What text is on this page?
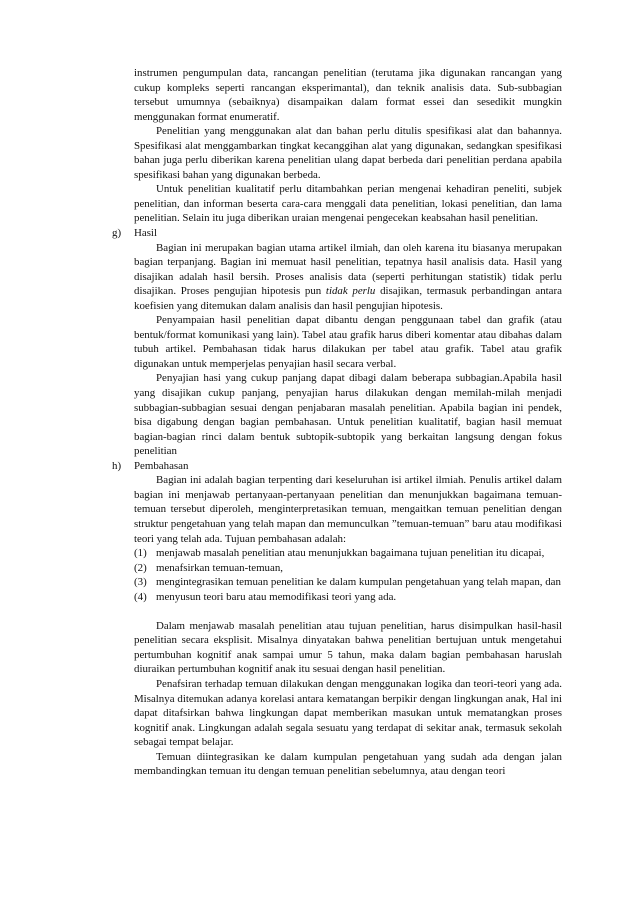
instrumen pengumpulan data, rancangan penelitian (terutama jika digunakan rancangan yang cukup kompleks seperti rancangan eksperimantal), dan teknik analisis data. Sub-subbagian tersebut umumnya (sebaiknya) disampaikan dalam format essei dan sesedikit mungkin menggunakan format enumeratif.

Penelitian yang menggunakan alat dan bahan perlu ditulis spesifikasi alat dan bahannya. Spesifikasi alat menggambarkan tingkat kecanggihan alat yang digunakan, sedangkan spesifikasi bahan juga perlu diberikan karena penelitian ulang dapat berbeda dari penelitian perdana apabila spesifikasi bahan yang digunakan berbeda.

Untuk penelitian kualitatif perlu ditambahkan perian mengenai kehadiran peneliti, subjek penelitian, dan informan beserta cara-cara menggali data penelitian, lokasi penelitian, dan lama penelitian. Selain itu juga diberikan uraian mengenai pengecekan keabsahan hasil penelitian.

g) Hasil

Bagian ini merupakan bagian utama artikel ilmiah, dan oleh karena itu biasanya merupakan bagian terpanjang. Bagian ini memuat hasil penelitian, tepatnya hasil analisis data. Hasil yang disajikan adalah hasil bersih. Proses analisis data (seperti perhitungan statistik) tidak perlu disajikan. Proses pengujian hipotesis pun tidak perlu disajikan, termasuk perbandingan antara koefisien yang ditemukan dalam analisis dan hasil pengujian hipotesis.

Penyampaian hasil penelitian dapat dibantu dengan penggunaan tabel dan grafik (atau bentuk/format komunikasi yang lain). Tabel atau grafik harus diberi komentar atau dibahas dalam tubuh artikel. Pembahasan tidak harus dilakukan per tabel atau grafik. Tabel atau grafik digunakan untuk memperjelas penyajian hasil secara verbal.

Penyajian hasi yang cukup panjang dapat dibagi dalam beberapa subbagian.Apabila hasil yang disajikan cukup panjang, penyajian harus dilakukan dengan memilah-milah menjadi subbagian-subbagian sesuai dengan penjabaran masalah penelitian. Apabila bagian ini pendek, bisa digabung dengan bagian pembahasan. Untuk penelitian kualitatif, bagian hasil memuat bagian-bagian rinci dalam bentuk subtopik-subtopik yang berkaitan langsung dengan fokus penelitian

h) Pembahasan

Bagian ini adalah bagian terpenting dari keseluruhan isi artikel ilmiah. Penulis artikel dalam bagian ini menjawab pertanyaan-pertanyaan penelitian dan menunjukkan bagaimana temuan-temuan tersebut diperoleh, menginterpretasikan temuan, mengaitkan temuan penelitian dengan struktur pengetahuan yang telah mapan dan memunculkan ”temuan-temuan” baru atau modifikasi teori yang telah ada. Tujuan pembahasan adalah:

(1) menjawab masalah penelitian atau menunjukkan bagaimana tujuan penelitian itu dicapai,
(2) menafsirkan temuan-temuan,
(3) mengintegrasikan temuan penelitian ke dalam kumpulan pengetahuan yang telah mapan, dan
(4) menyusun teori baru atau memodifikasi teori yang ada.

Dalam menjawab masalah penelitian atau tujuan penelitian, harus disimpulkan hasil-hasil penelitian secara eksplisit. Misalnya dinyatakan bahwa penelitian bertujuan untuk mengetahui pertumbuhan kognitif anak sampai umur 5 tahun, maka dalam bagian pembahasan haruslah diuraikan pertumbuhan kognitif anak itu sesuai dengan hasil penelitian.

Penafsiran terhadap temuan dilakukan dengan menggunakan logika dan teori-teori yang ada. Misalnya ditemukan adanya korelasi antara kematangan berpikir dengan lingkungan anak, Hal ini dapat ditafsirkan bahwa lingkungan dapat memberikan masukan untuk mematangkan proses kognitif anak. Lingkungan adalah segala sesuatu yang terdapat di sekitar anak, termasuk sekolah sebagai tempat belajar.

Temuan diintegrasikan ke dalam kumpulan pengetahuan yang sudah ada dengan jalan membandingkan temuan itu dengan temuan penelitian sebelumnya, atau dengan teori
